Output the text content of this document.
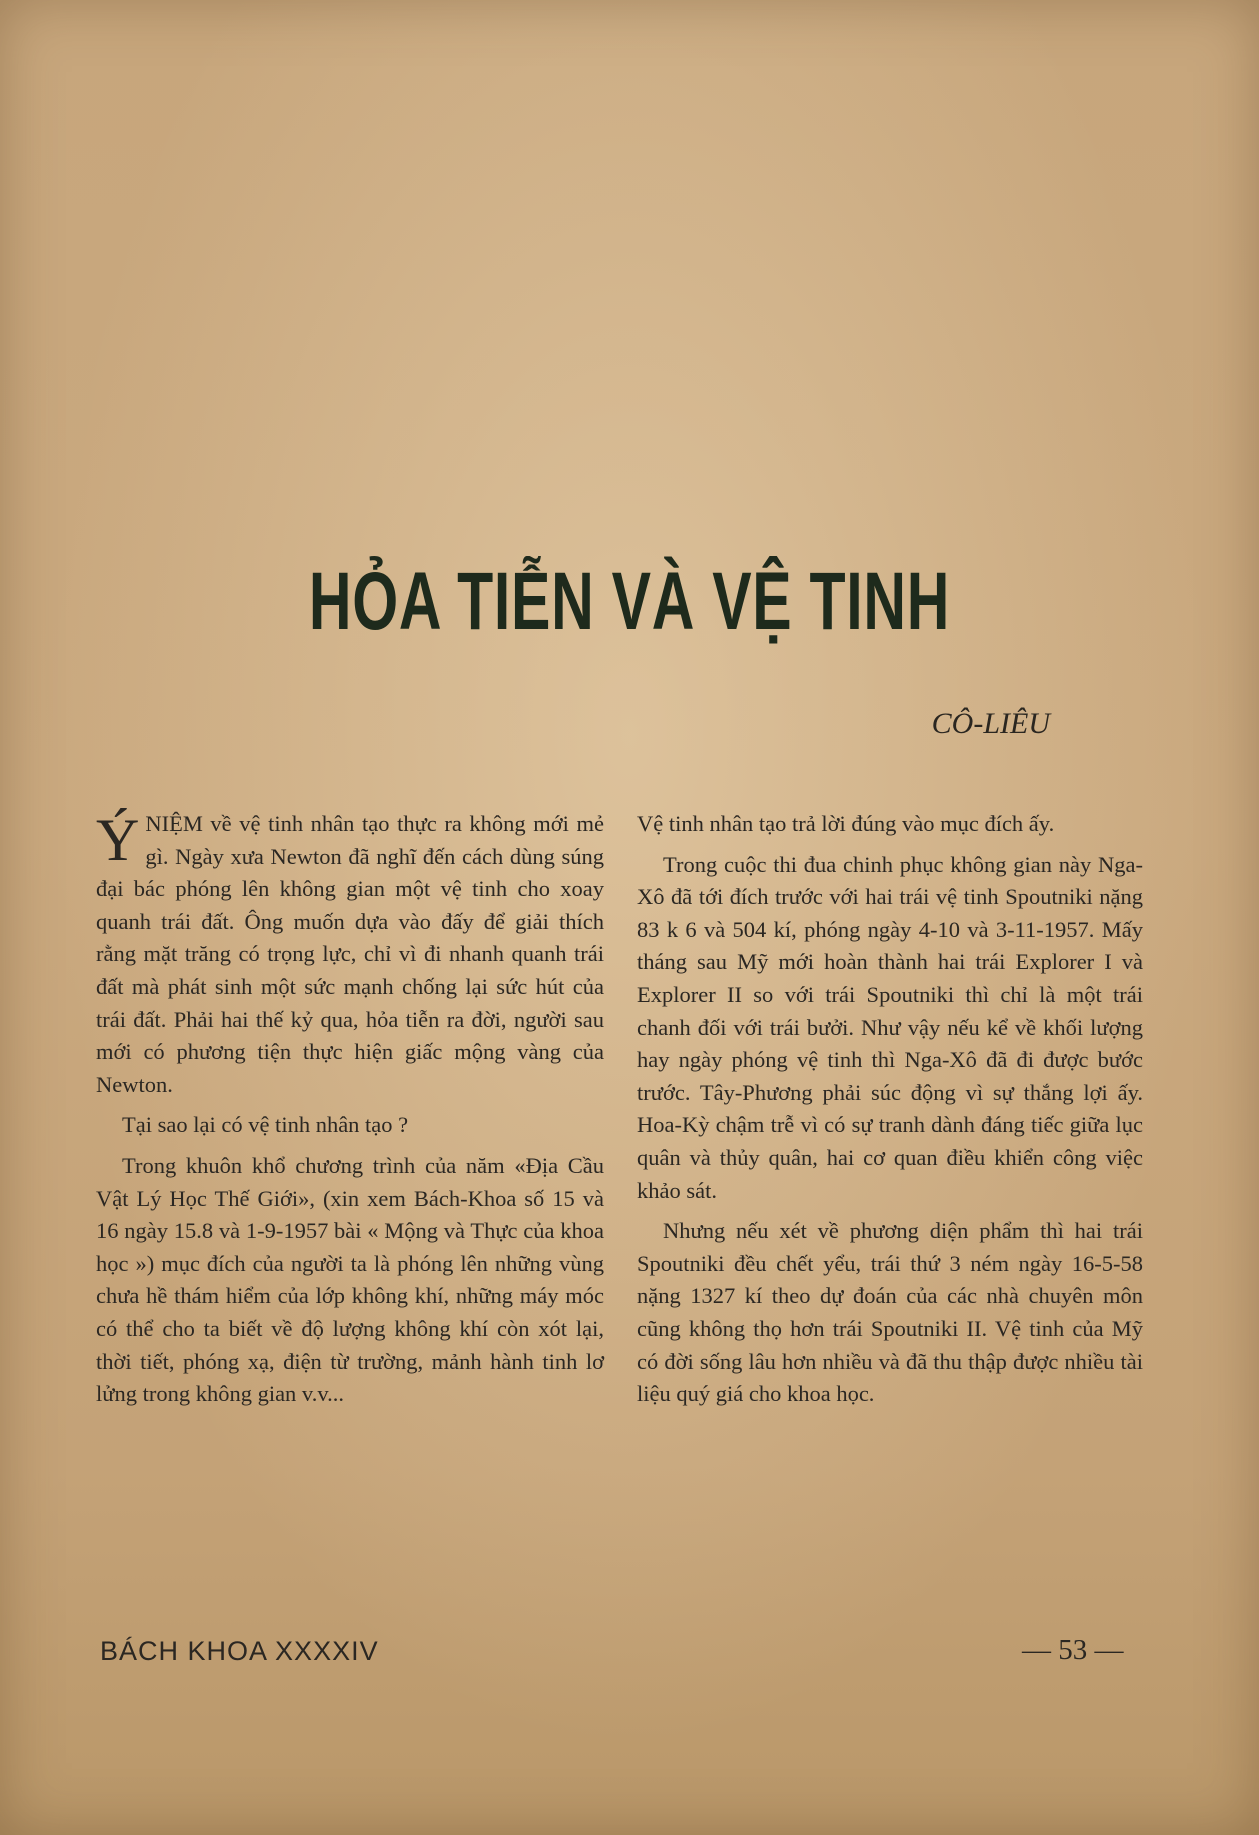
HỎA TIỄN VÀ VỆ TINH

CÔ-LIÊU

ÝNIỆM về vệ tinh nhân tạo thực ra không mới mẻ gì. Ngày xưa Newton đã nghĩ đến cách dùng súng đại bác phóng lên không gian một vệ tinh cho xoay quanh trái đất. Ông muốn dựa vào đấy để giải thích rằng mặt trăng có trọng lực, chỉ vì đi nhanh quanh trái đất mà phát sinh một sức mạnh chống lại sức hút của trái đất. Phải hai thế kỷ qua, hỏa tiễn ra đời, người sau mới có phương tiện thực hiện giấc mộng vàng của Newton.

Tại sao lại có vệ tinh nhân tạo ?

Trong khuôn khổ chương trình của năm «Địa Cầu Vật Lý Học Thế Giới», (xin xem Bách-Khoa số 15 và 16 ngày 15.8 và 1-9-1957 bài « Mộng và Thực của khoa học ») mục đích của người ta là phóng lên những vùng chưa hề thám hiểm của lớp không khí, những máy móc có thể cho ta biết về độ lượng không khí còn xót lại, thời tiết, phóng xạ, điện từ trường, mảnh hành tinh lơ lửng trong không gian v.v...

Vệ tinh nhân tạo trả lời đúng vào mục đích ấy.

Trong cuộc thi đua chinh phục không gian này Nga-Xô đã tới đích trước với hai trái vệ tinh Spoutniki nặng 83 k 6 và 504 kí, phóng ngày 4-10 và 3-11-1957. Mấy tháng sau Mỹ mới hoàn thành hai trái Explorer I và Explorer II so với trái Spoutniki thì chỉ là một trái chanh đối với trái bưởi. Như vậy nếu kể về khối lượng hay ngày phóng vệ tinh thì Nga-Xô đã đi được bước trước. Tây-Phương phải súc động vì sự thắng lợi ấy. Hoa-Kỳ chậm trễ vì có sự tranh dành đáng tiếc giữa lục quân và thủy quân, hai cơ quan điều khiển công việc khảo sát.

Nhưng nếu xét về phương diện phẩm thì hai trái Spoutniki đều chết yểu, trái thứ 3 ném ngày 16-5-58 nặng 1327 kí theo dự đoán của các nhà chuyên môn cũng không thọ hơn trái Spoutniki II. Vệ tinh của Mỹ có đời sống lâu hơn nhiều và đã thu thập được nhiều tài liệu quý giá cho khoa học.

BÁCH KHOA XXXXIV	— 53 —
